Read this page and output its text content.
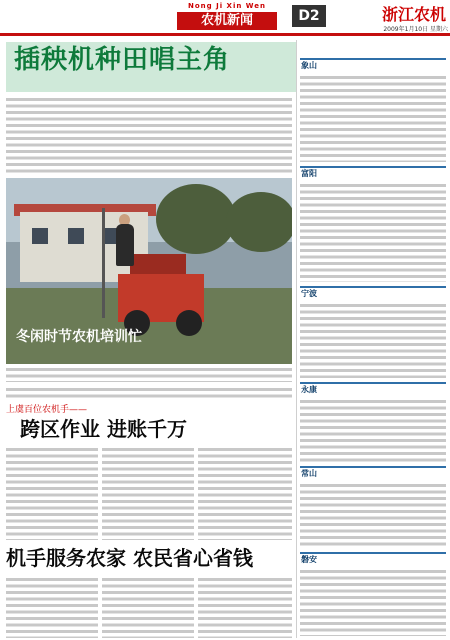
Nong Ji Xin Wen
农机新闻	D2	浙江农机
2009年1月10日 星期六
插秧机种田唱主角
冬闲时节农机培训忙
上虞百位农机手——
跨区作业 进账千万
机手服务农家 农民省心省钱
象山
富阳
宁波
永康
常山
磐安
